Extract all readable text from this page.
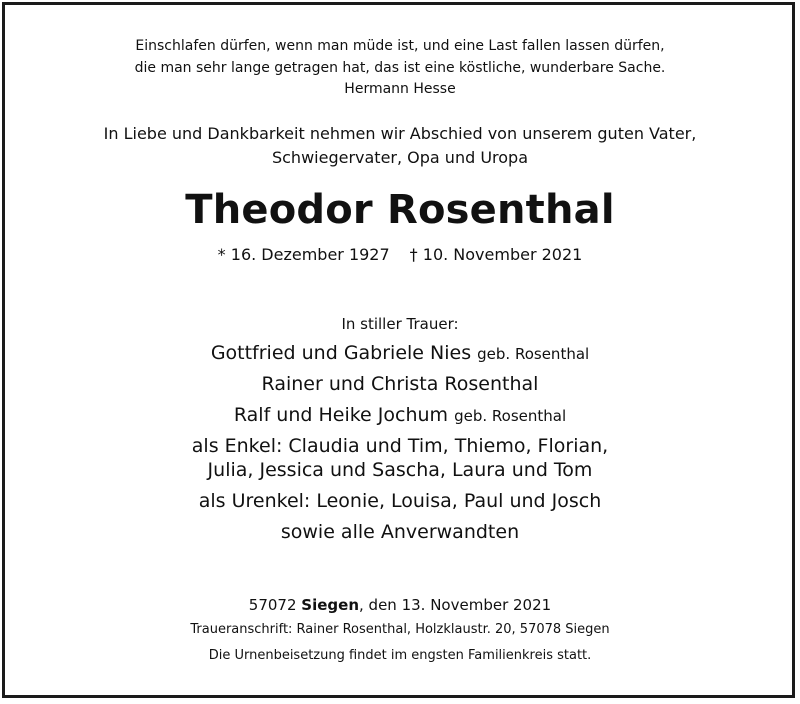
Einschlafen dürfen, wenn man müde ist, und eine Last fallen lassen dürfen,
die man sehr lange getragen hat, das ist eine köstliche, wunderbare Sache.
Hermann Hesse
In Liebe und Dankbarkeit nehmen wir Abschied von unserem guten Vater,
Schwiegervater, Opa und Uropa
Theodor Rosenthal
* 16. Dezember 1927 † 10. November 2021
In stiller Trauer:
Gottfried und Gabriele Nies geb. Rosenthal
Rainer und Christa Rosenthal
Ralf und Heike Jochum geb. Rosenthal
als Enkel: Claudia und Tim, Thiemo, Florian,
Julia, Jessica und Sascha, Laura und Tom
als Urenkel: Leonie, Louisa, Paul und Josch
sowie alle Anverwandten
57072 Siegen, den 13. November 2021
Traueranschrift: Rainer Rosenthal, Holzklaustr. 20, 57078 Siegen
Die Urnenbeisetzung findet im engsten Familienkreis statt.
